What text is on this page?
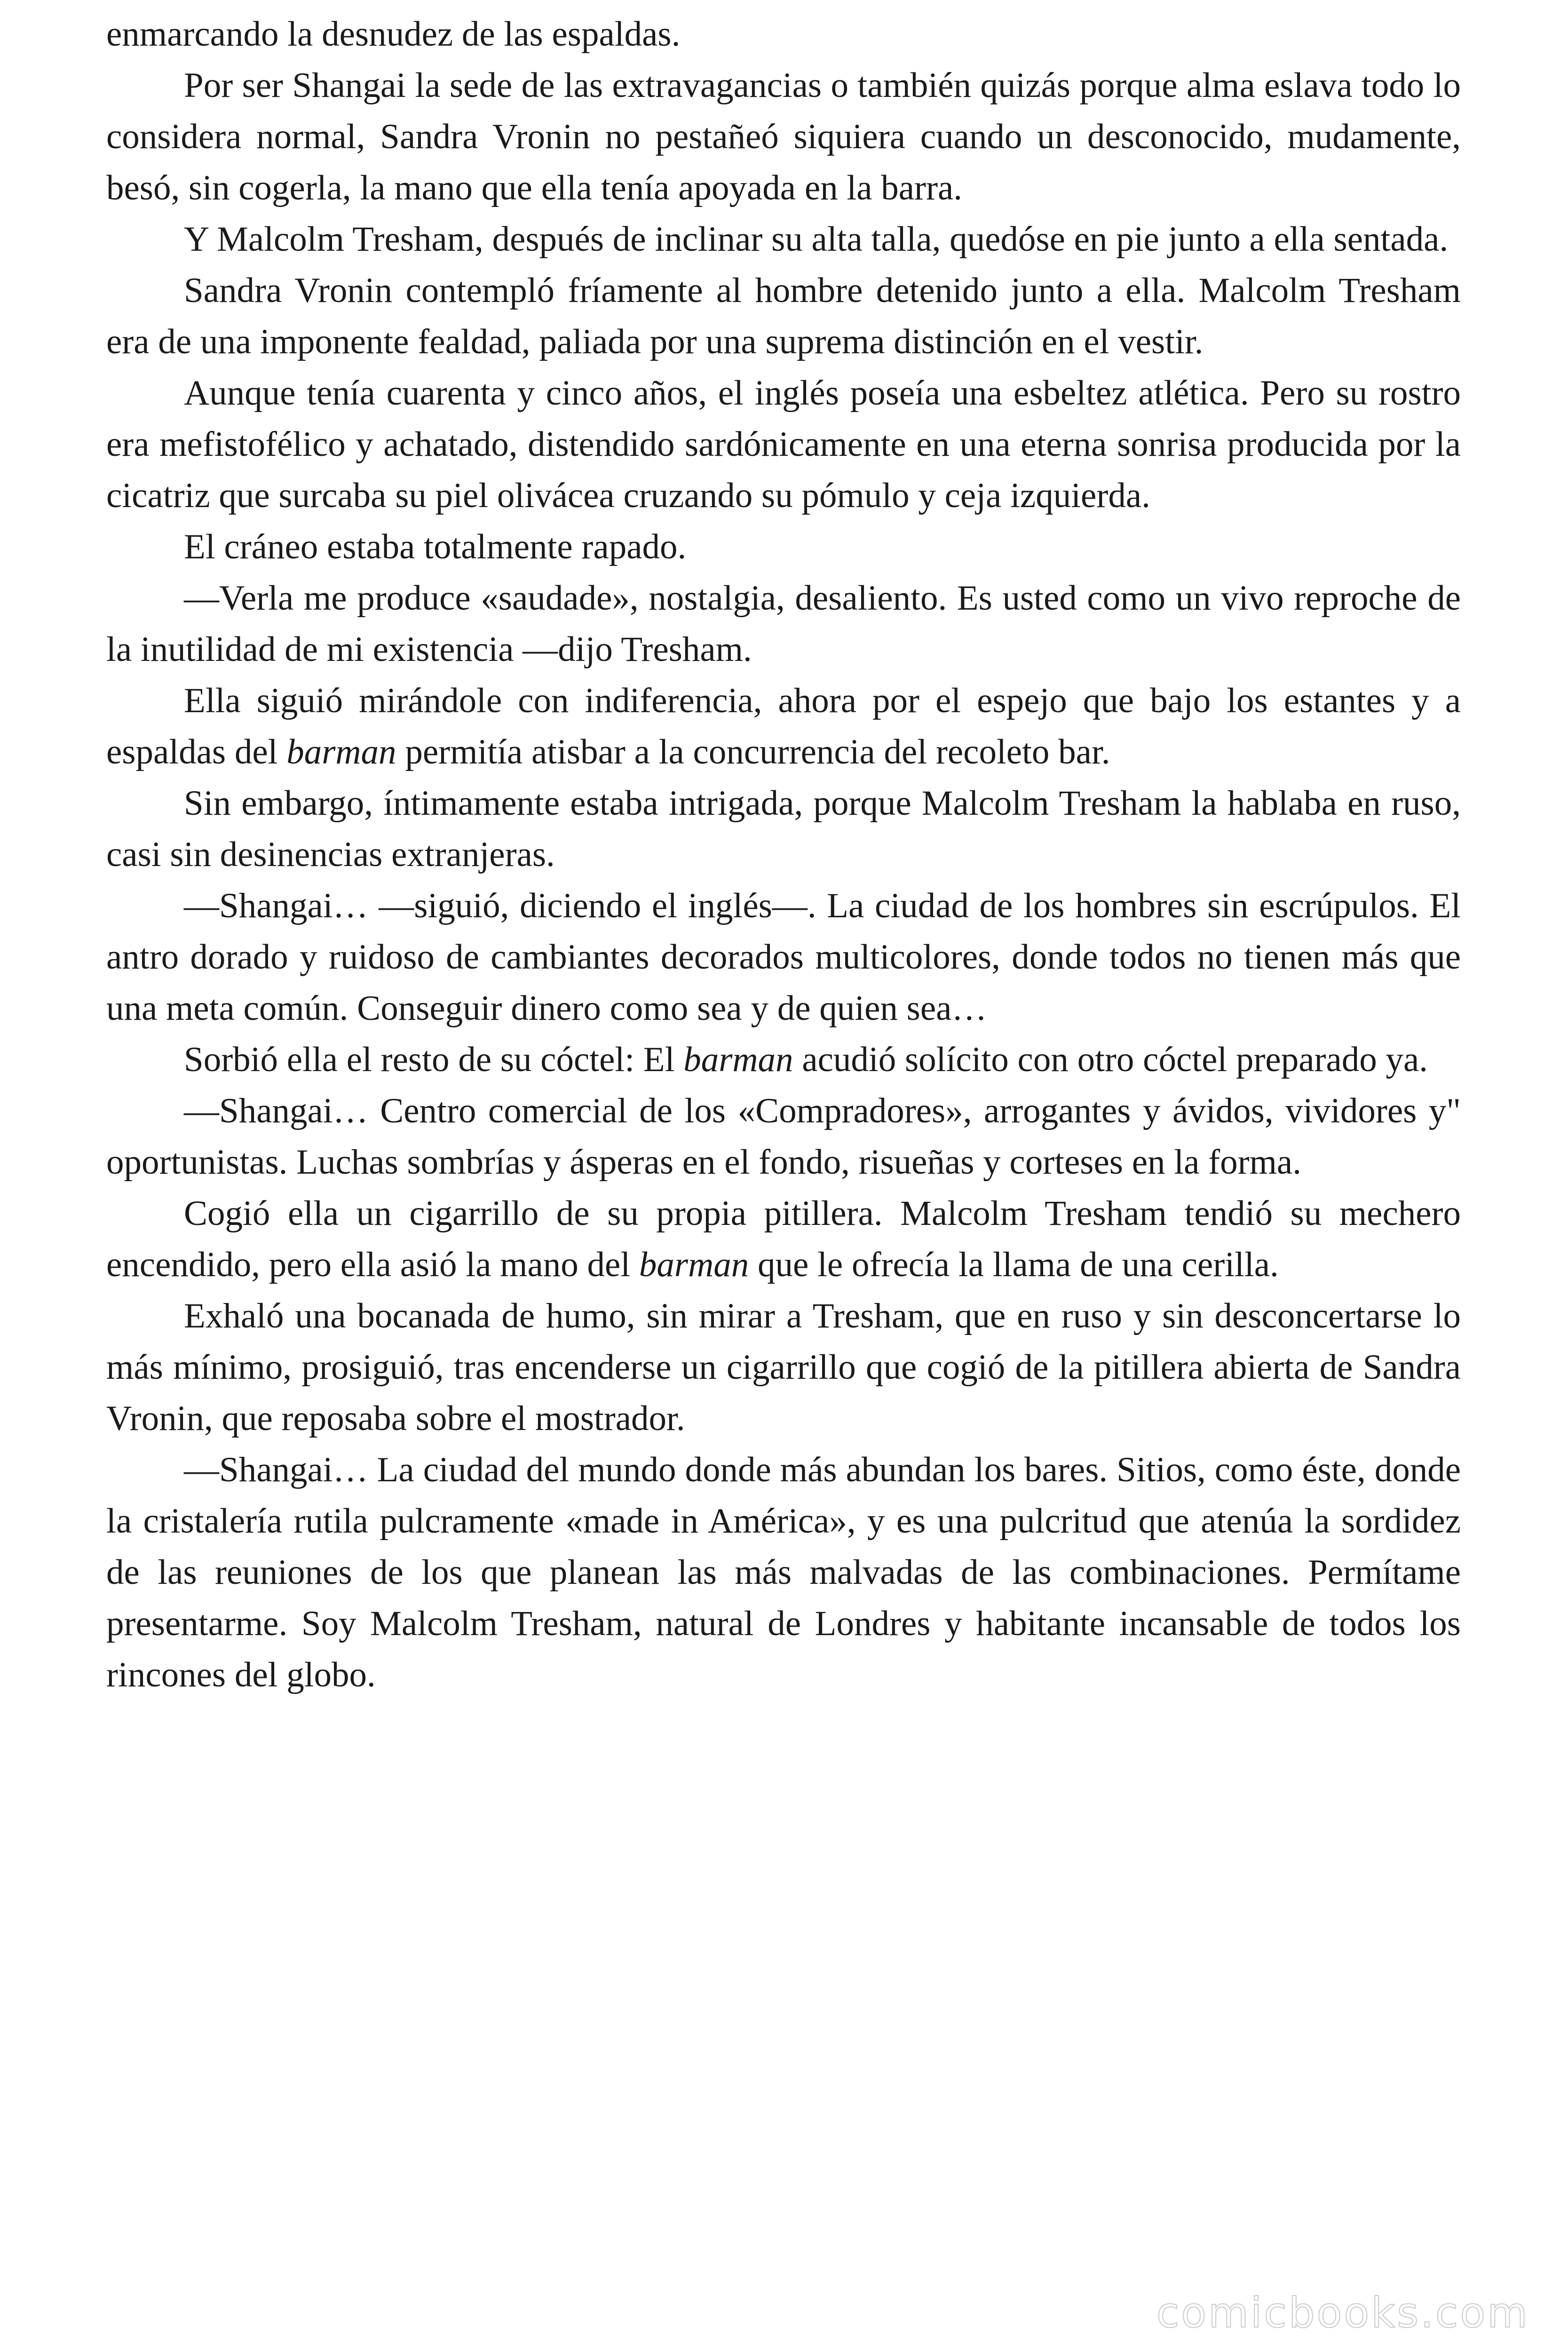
enmarcando la desnudez de las espaldas.

Por ser Shangai la sede de las extravagancias o también quizás porque alma eslava todo lo considera normal, Sandra Vronin no pestañeó siquiera cuando un desconocido, mudamente, besó, sin cogerla, la mano que ella tenía apoyada en la barra.

Y Malcolm Tresham, después de inclinar su alta talla, quedóse en pie junto a ella sentada.

Sandra Vronin contempló fríamente al hombre detenido junto a ella. Malcolm Tresham era de una imponente fealdad, paliada por una suprema distinción en el vestir.

Aunque tenía cuarenta y cinco años, el inglés poseía una esbeltez atlética. Pero su rostro era mefistofélico y achatado, distendido sardónicamente en una eterna sonrisa producida por la cicatriz que surcaba su piel olivácea cruzando su pómulo y ceja izquierda.

El cráneo estaba totalmente rapado.

—Verla me produce «saudade», nostalgia, desaliento. Es usted como un vivo reproche de la inutilidad de mi existencia —dijo Tresham.

Ella siguió mirándole con indiferencia, ahora por el espejo que bajo los estantes y a espaldas del barman permitía atisbar a la concurrencia del recoleto bar.

Sin embargo, íntimamente estaba intrigada, porque Malcolm Tresham la hablaba en ruso, casi sin desinencias extranjeras.

—Shangai… —siguió, diciendo el inglés—. La ciudad de los hombres sin escrúpulos. El antro dorado y ruidoso de cambiantes decorados multicolores, donde todos no tienen más que una meta común. Conseguir dinero como sea y de quien sea…

Sorbió ella el resto de su cóctel: El barman acudió solícito con otro cóctel preparado ya.

—Shangai… Centro comercial de los «Compradores», arrogantes y ávidos, vividores y" oportunistas. Luchas sombrías y ásperas en el fondo, risueñas y corteses en la forma.

Cogió ella un cigarrillo de su propia pitillera. Malcolm Tresham tendió su mechero encendido, pero ella asió la mano del barman que le ofrecía la llama de una cerilla.

Exhaló una bocanada de humo, sin mirar a Tresham, que en ruso y sin desconcertarse lo más mínimo, prosiguió, tras encenderse un cigarrillo que cogió de la pitillera abierta de Sandra Vronin, que reposaba sobre el mostrador.

—Shangai… La ciudad del mundo donde más abundan los bares. Sitios, como éste, donde la cristalería rutila pulcramente «made in América», y es una pulcritud que atenúa la sordidez de las reuniones de los que planean las más malvadas de las combinaciones. Permítame presentarme. Soy Malcolm Tresham, natural de Londres y habitante incansable de todos los rincones del globo.

comicbooks.com
